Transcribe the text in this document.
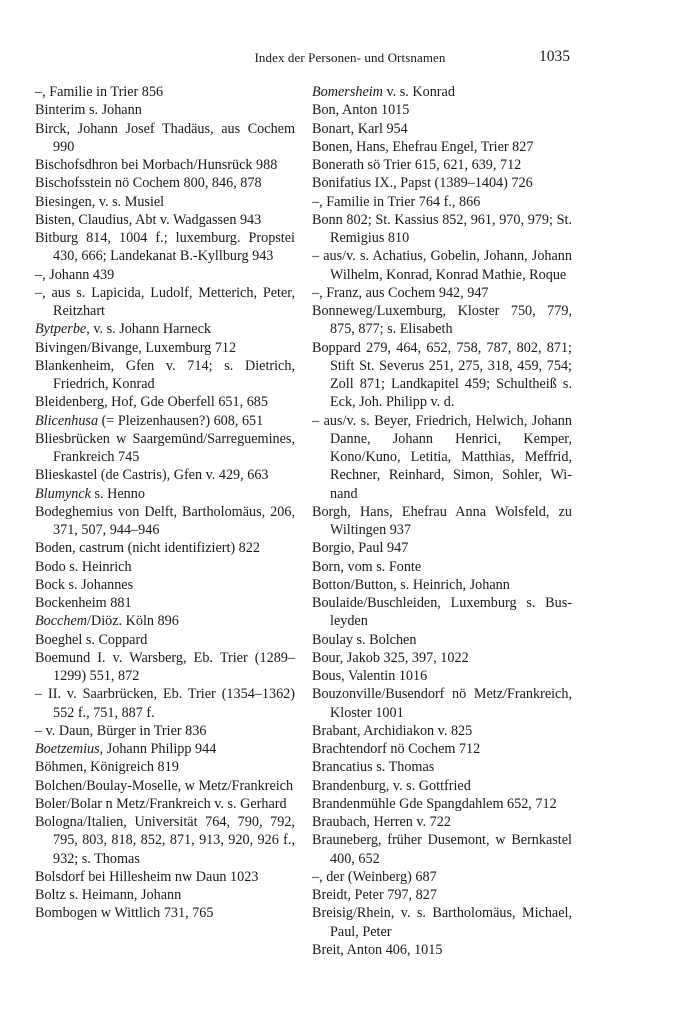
Index der Personen- und Ortsnamen	1035
–, Familie in Trier 856
Binterim s. Johann
Birck, Johann Josef Thadäus, aus Cochem 990
Bischofsdhron bei Morbach/Hunsrück 988
Bischofsstein nö Cochem 800, 846, 878
Biesingen, v. s. Musiel
Bisten, Claudius, Abt v. Wadgassen 943
Bitburg 814, 1004 f.; luxemburg. Propstei 430, 666; Landekanat B.-Kyllburg 943
–, Johann 439
–, aus s. Lapicida, Ludolf, Metterich, Peter, Reitzhart
Bytperbe, v. s. Johann Harneck
Bivingen/Bivange, Luxemburg 712
Blankenheim, Gfen v. 714; s. Dietrich, Friedrich, Konrad
Bleidenberg, Hof, Gde Oberfell 651, 685
Blicenhusa (= Pleizenhausen?) 608, 651
Bliesbrücken w Saargemünd/Sarreguemines, Frankreich 745
Blieskastel (de Castris), Gfen v. 429, 663
Blumynck s. Henno
Bodeghemius von Delft, Bartholomäus, 206, 371, 507, 944–946
Boden, castrum (nicht identifiziert) 822
Bodo s. Heinrich
Bock s. Johannes
Bockenheim 881
Bocchem/Diöz. Köln 896
Boeghel s. Coppard
Boemund I. v. Warsberg, Eb. Trier (1289–1299) 551, 872
– II. v. Saarbrücken, Eb. Trier (1354–1362) 552 f., 751, 887 f.
– v. Daun, Bürger in Trier 836
Boetzemius, Johann Philipp 944
Böhmen, Königreich 819
Bolchen/Boulay-Moselle, w Metz/Frankreich
Boler/Bolar n Metz/Frankreich v. s. Gerhard
Bologna/Italien, Universität 764, 790, 792, 795, 803, 818, 852, 871, 913, 920, 926 f., 932; s. Thomas
Bolsdorf bei Hillesheim nw Daun 1023
Boltz s. Heimann, Johann
Bombogen w Wittlich 731, 765
Bomersheim v. s. Konrad
Bon, Anton 1015
Bonart, Karl 954
Bonen, Hans, Ehefrau Engel, Trier 827
Bonerath sö Trier 615, 621, 639, 712
Bonifatius IX., Papst (1389–1404) 726
–, Familie in Trier 764 f., 866
Bonn 802; St. Kassius 852, 961, 970, 979; St. Remigius 810
– aus/v. s. Achatius, Gobelin, Johann, Johann Wilhelm, Konrad, Konrad Mathie, Roque
–, Franz, aus Cochem 942, 947
Bonneweg/Luxemburg, Kloster 750, 779, 875, 877; s. Elisabeth
Boppard 279, 464, 652, 758, 787, 802, 871; Stift St. Severus 251, 275, 318, 459, 754; Zoll 871; Landkapitel 459; Schultheiß s. Eck, Joh. Philipp v. d.
– aus/v. s. Beyer, Friedrich, Helwich, Johann Danne, Johann Henrici, Kemper, Kono/Kuno, Letitia, Matthias, Meffrid, Rechner, Reinhard, Simon, Sohler, Winand
Borgh, Hans, Ehefrau Anna Wolsfeld, zu Wiltingen 937
Borgio, Paul 947
Born, vom s. Fonte
Botton/Button, s. Heinrich, Johann
Boulaide/Buschleiden, Luxemburg s. Busleyden
Boulay s. Bolchen
Bour, Jakob 325, 397, 1022
Bous, Valentin 1016
Bouzonville/Busendorf nö Metz/Frankreich, Kloster 1001
Brabant, Archidiakon v. 825
Brachtendorf nö Cochem 712
Brancatius s. Thomas
Brandenburg, v. s. Gottfried
Brandenmühle Gde Spangdahlem 652, 712
Braubach, Herren v. 722
Brauneberg, früher Dusemont, w Bernkastel 400, 652
–, der (Weinberg) 687
Breidt, Peter 797, 827
Breisig/Rhein, v. s. Bartholomäus, Michael, Paul, Peter
Breit, Anton 406, 1015
